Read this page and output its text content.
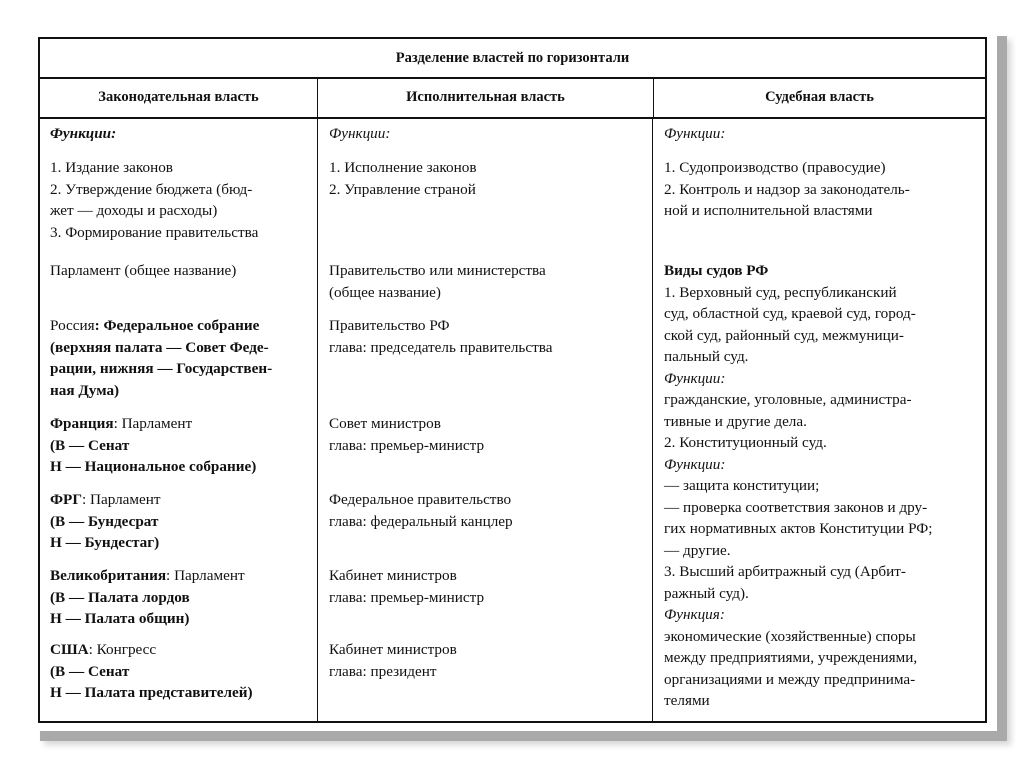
Разделение властей по горизонтали
Законодательная власть	Исполнительная власть	Судебная власть

Функции:

1. Издание законов

2. Утверждение бюджета (бюд-

жет — доходы и расходы)

3. Формирование правительства

Парламент (общее название)

Россия: Федеральное собрание

(верхняя палата — Совет Феде-

рации, нижняя — Государствен-

ная Дума)

Франция: Парламент

(В — Сенат

Н — Национальное собрание)

ФРГ: Парламент

(В — Бундесрат

Н — Бундестаг)

Великобритания: Парламент

(В — Палата лордов

Н — Палата общин)

США: Конгресс

(В — Сенат

Н — Палата представителей)

Функции:

1. Исполнение законов

2. Управление страной

Правительство или министерства

(общее название)

Правительство РФ

глава: председатель правительства

Совет министров

глава: премьер-министр

Федеральное правительство

глава: федеральный канцлер

Кабинет министров

глава: премьер-министр

Кабинет министров

глава: президент

Функции:

1. Судопроизводство (правосудие)

2. Контроль и надзор за законодатель-

ной и исполнительной властями

Виды судов РФ

1. Верховный суд, республиканский

суд, областной суд, краевой суд, город-

ской суд, районный суд, межмуници-

пальный суд.

Функции:

гражданские, уголовные, администра-

тивные и другие дела.

2. Конституционный суд.

Функции:

— защита конституции;

— проверка соответствия законов и дру-

гих нормативных актов Конституции РФ;

— другие.

3. Высший арбитражный суд (Арбит-

ражный суд).

Функция:

экономические (хозяйственные) споры

между предприятиями, учреждениями,

организациями и между предпринима-

телями
